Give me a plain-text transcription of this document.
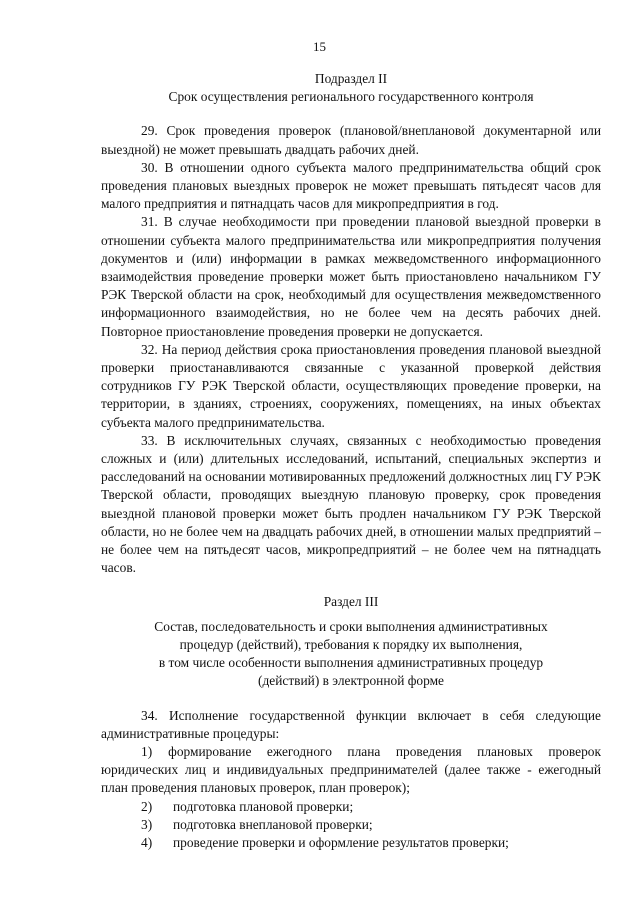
15

Подраздел II

Срок осуществления регионального государственного контроля

29. Срок проведения проверок (плановой/внеплановой документарной или выездной) не может превышать двадцать рабочих дней.

30. В отношении одного субъекта малого предпринимательства общий срок проведения плановых выездных проверок не может превышать пятьдесят часов для малого предприятия и пятнадцать часов для микропредприятия в год.

31. В случае необходимости при проведении плановой выездной проверки в отношении субъекта малого предпринимательства или микропредприятия получения документов и (или) информации в рамках межведомственного информационного взаимодействия проведение проверки может быть приостановлено начальником ГУ РЭК Тверской области на срок, необходимый для осуществления межведомственного информационного взаимодействия, но не более чем на десять рабочих дней. Повторное приостановление проведения проверки не допускается.

32. На период действия срока приостановления проведения плановой выездной проверки приостанавливаются связанные с указанной проверкой действия сотрудников ГУ РЭК Тверской области, осуществляющих проведение проверки, на территории, в зданиях, строениях, сооружениях, помещениях, на иных объектах субъекта малого предпринимательства.

33. В исключительных случаях, связанных с необходимостью проведения сложных и (или) длительных исследований, испытаний, специальных экспертиз и расследований на основании мотивированных предложений должностных лиц ГУ РЭК Тверской области, проводящих выездную плановую проверку, срок проведения выездной плановой проверки может быть продлен начальником ГУ РЭК Тверской области, но не более чем на двадцать рабочих дней, в отношении малых предприятий – не более чем на пятьдесят часов, микропредприятий – не более чем на пятнадцать часов.

Раздел III

Состав, последовательность и сроки выполнения административных

процедур (действий), требования к порядку их выполнения,

в том числе особенности выполнения административных процедур

(действий) в электронной форме

34. Исполнение государственной функции включает в себя следующие административные процедуры:

1) формирование ежегодного плана проведения плановых проверок юридических лиц и индивидуальных предпринимателей (далее также - ежегодный план проведения плановых проверок, план проверок);
2)	подготовка плановой проверки;
3)	подготовка внеплановой проверки;
4)	проведение проверки и оформление результатов проверки;
